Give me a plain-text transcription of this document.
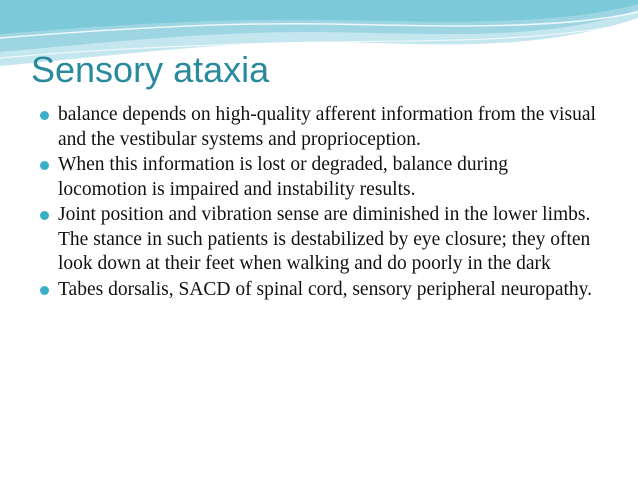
Sensory ataxia
balance depends on high-quality afferent information from the visual and the vestibular systems and proprioception.
When this information is lost or degraded, balance during locomotion is impaired and instability results.
Joint position and vibration sense are diminished in the lower limbs. The stance in such patients is destabilized by eye closure; they often look down at their feet when walking and do poorly in the dark
Tabes dorsalis, SACD of spinal cord, sensory peripheral neuropathy.
